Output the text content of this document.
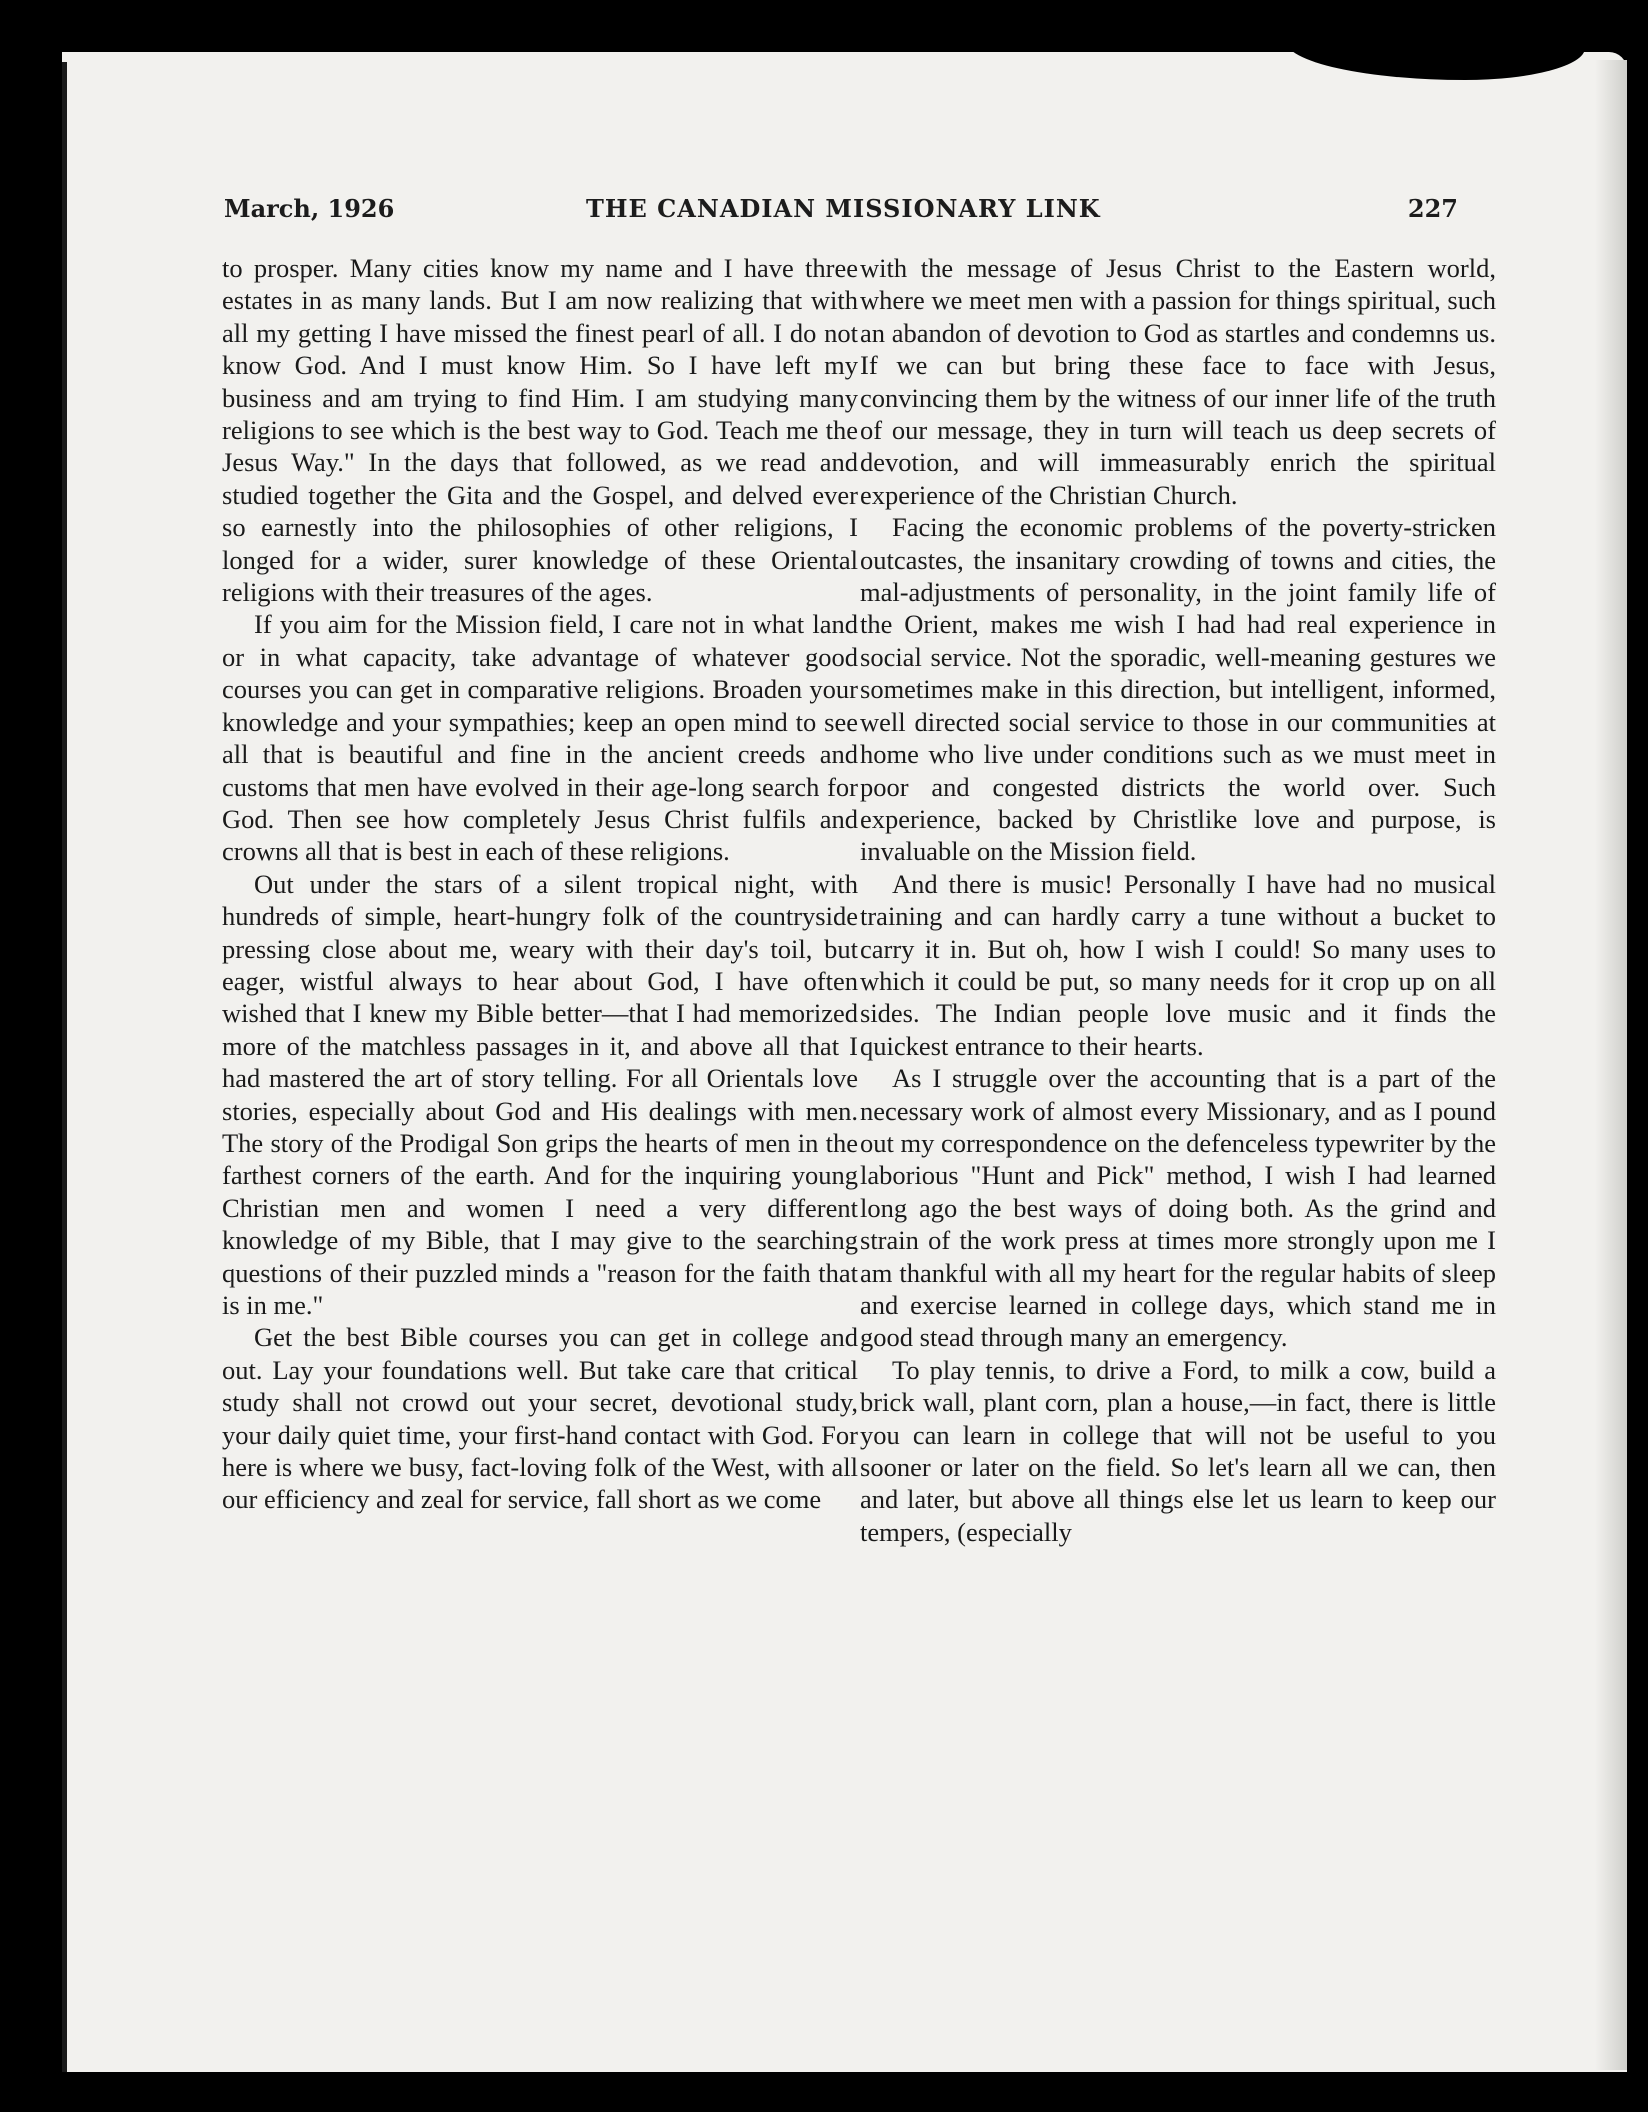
March, 1926	THE CANADIAN MISSIONARY LINK	227

to prosper. Many cities know my name and I have three estates in as many lands. But I am now realizing that with all my getting I have missed the finest pearl of all. I do not know God. And I must know Him. So I have left my business and am trying to find Him. I am studying many religions to see which is the best way to God. Teach me the Jesus Way." In the days that followed, as we read and studied together the Gita and the Gospel, and delved ever so earnestly into the philosophies of other religions, I longed for a wider, surer knowledge of these Oriental religions with their treasures of the ages.

If you aim for the Mission field, I care not in what land or in what capacity, take advantage of whatever good courses you can get in comparative religions. Broaden your knowledge and your sympathies; keep an open mind to see all that is beautiful and fine in the ancient creeds and customs that men have evolved in their age-long search for God. Then see how completely Jesus Christ fulfils and crowns all that is best in each of these religions.

Out under the stars of a silent tropical night, with hundreds of simple, heart-hungry folk of the countryside pressing close about me, weary with their day's toil, but eager, wistful always to hear about God, I have often wished that I knew my Bible better—that I had memorized more of the matchless passages in it, and above all that I had mastered the art of story telling. For all Orientals love stories, especially about God and His dealings with men. The story of the Prodigal Son grips the hearts of men in the farthest corners of the earth. And for the inquiring young Christian men and women I need a very different knowledge of my Bible, that I may give to the searching questions of their puzzled minds a "reason for the faith that is in me."

Get the best Bible courses you can get in college and out. Lay your foundations well. But take care that critical study shall not crowd out your secret, devotional study, your daily quiet time, your first-hand contact with God. For here is where we busy, fact-loving folk of the West, with all our efficiency and zeal for service, fall short as we come

with the message of Jesus Christ to the Eastern world, where we meet men with a passion for things spiritual, such an abandon of devotion to God as startles and condemns us. If we can but bring these face to face with Jesus, convincing them by the witness of our inner life of the truth of our message, they in turn will teach us deep secrets of devotion, and will immeasurably enrich the spiritual experience of the Christian Church.

Facing the economic problems of the poverty-stricken outcastes, the insanitary crowding of towns and cities, the mal-adjustments of personality, in the joint family life of the Orient, makes me wish I had had real experience in social service. Not the sporadic, well-meaning gestures we sometimes make in this direction, but intelligent, informed, well directed social service to those in our communities at home who live under conditions such as we must meet in poor and congested districts the world over. Such experience, backed by Christlike love and purpose, is invaluable on the Mission field.

And there is music! Personally I have had no musical training and can hardly carry a tune without a bucket to carry it in. But oh, how I wish I could! So many uses to which it could be put, so many needs for it crop up on all sides. The Indian people love music and it finds the quickest entrance to their hearts.

As I struggle over the accounting that is a part of the necessary work of almost every Missionary, and as I pound out my correspondence on the defenceless typewriter by the laborious "Hunt and Pick" method, I wish I had learned long ago the best ways of doing both. As the grind and strain of the work press at times more strongly upon me I am thankful with all my heart for the regular habits of sleep and exercise learned in college days, which stand me in good stead through many an emergency.

To play tennis, to drive a Ford, to milk a cow, build a brick wall, plant corn, plan a house,—in fact, there is little you can learn in college that will not be useful to you sooner or later on the field. So let's learn all we can, then and later, but above all things else let us learn to keep our tempers, (especially
